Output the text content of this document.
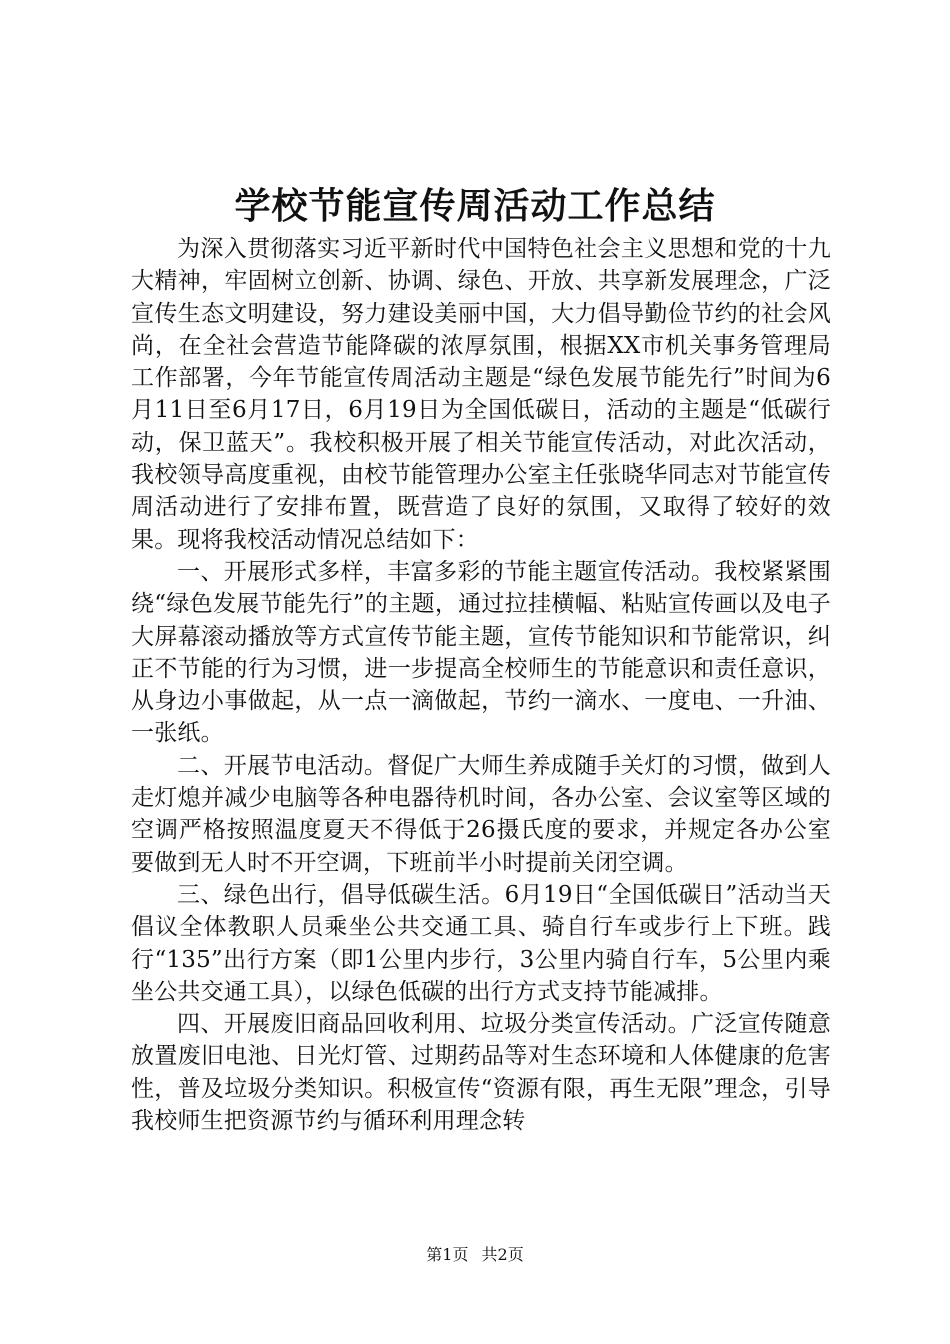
学校节能宣传周活动工作总结

为深入贯彻落实习近平新时代中国特色社会主义思想和党的十九大精神，牢固树立创新、协调、绿色、开放、共享新发展理念，广泛宣传生态文明建设，努力建设美丽中国，大力倡导勤俭节约的社会风尚，在全社会营造节能降碳的浓厚氛围，根据XX市机关事务管理局工作部署，今年节能宣传周活动主题是“绿色发展节能先行”时间为6月11日至6月17日，6月19日为全国低碳日，活动的主题是“低碳行动，保卫蓝天”。我校积极开展了相关节能宣传活动，对此次活动，我校领导高度重视，由校节能管理办公室主任张晓华同志对节能宣传周活动进行了安排布置，既营造了良好的氛围，又取得了较好的效果。现将我校活动情况总结如下：

一、开展形式多样，丰富多彩的节能主题宣传活动。我校紧紧围绕“绿色发展节能先行”的主题，通过拉挂横幅、粘贴宣传画以及电子大屏幕滚动播放等方式宣传节能主题，宣传节能知识和节能常识，纠正不节能的行为习惯，进一步提高全校师生的节能意识和责任意识，从身边小事做起，从一点一滴做起，节约一滴水、一度电、一升油、一张纸。

二、开展节电活动。督促广大师生养成随手关灯的习惯，做到人走灯熄并减少电脑等各种电器待机时间，各办公室、会议室等区域的空调严格按照温度夏天不得低于26摄氏度的要求，并规定各办公室要做到无人时不开空调，下班前半小时提前关闭空调。

三、绿色出行，倡导低碳生活。6月19日“全国低碳日”活动当天倡议全体教职人员乘坐公共交通工具、骑自行车或步行上下班。践行“135”出行方案（即1公里内步行，3公里内骑自行车，5公里内乘坐公共交通工具），以绿色低碳的出行方式支持节能减排。

四、开展废旧商品回收利用、垃圾分类宣传活动。广泛宣传随意放置废旧电池、日光灯管、过期药品等对生态环境和人体健康的危害性，普及垃圾分类知识。积极宣传“资源有限，再生无限”理念，引导我校师生把资源节约与循环利用理念转

第1页 共2页
